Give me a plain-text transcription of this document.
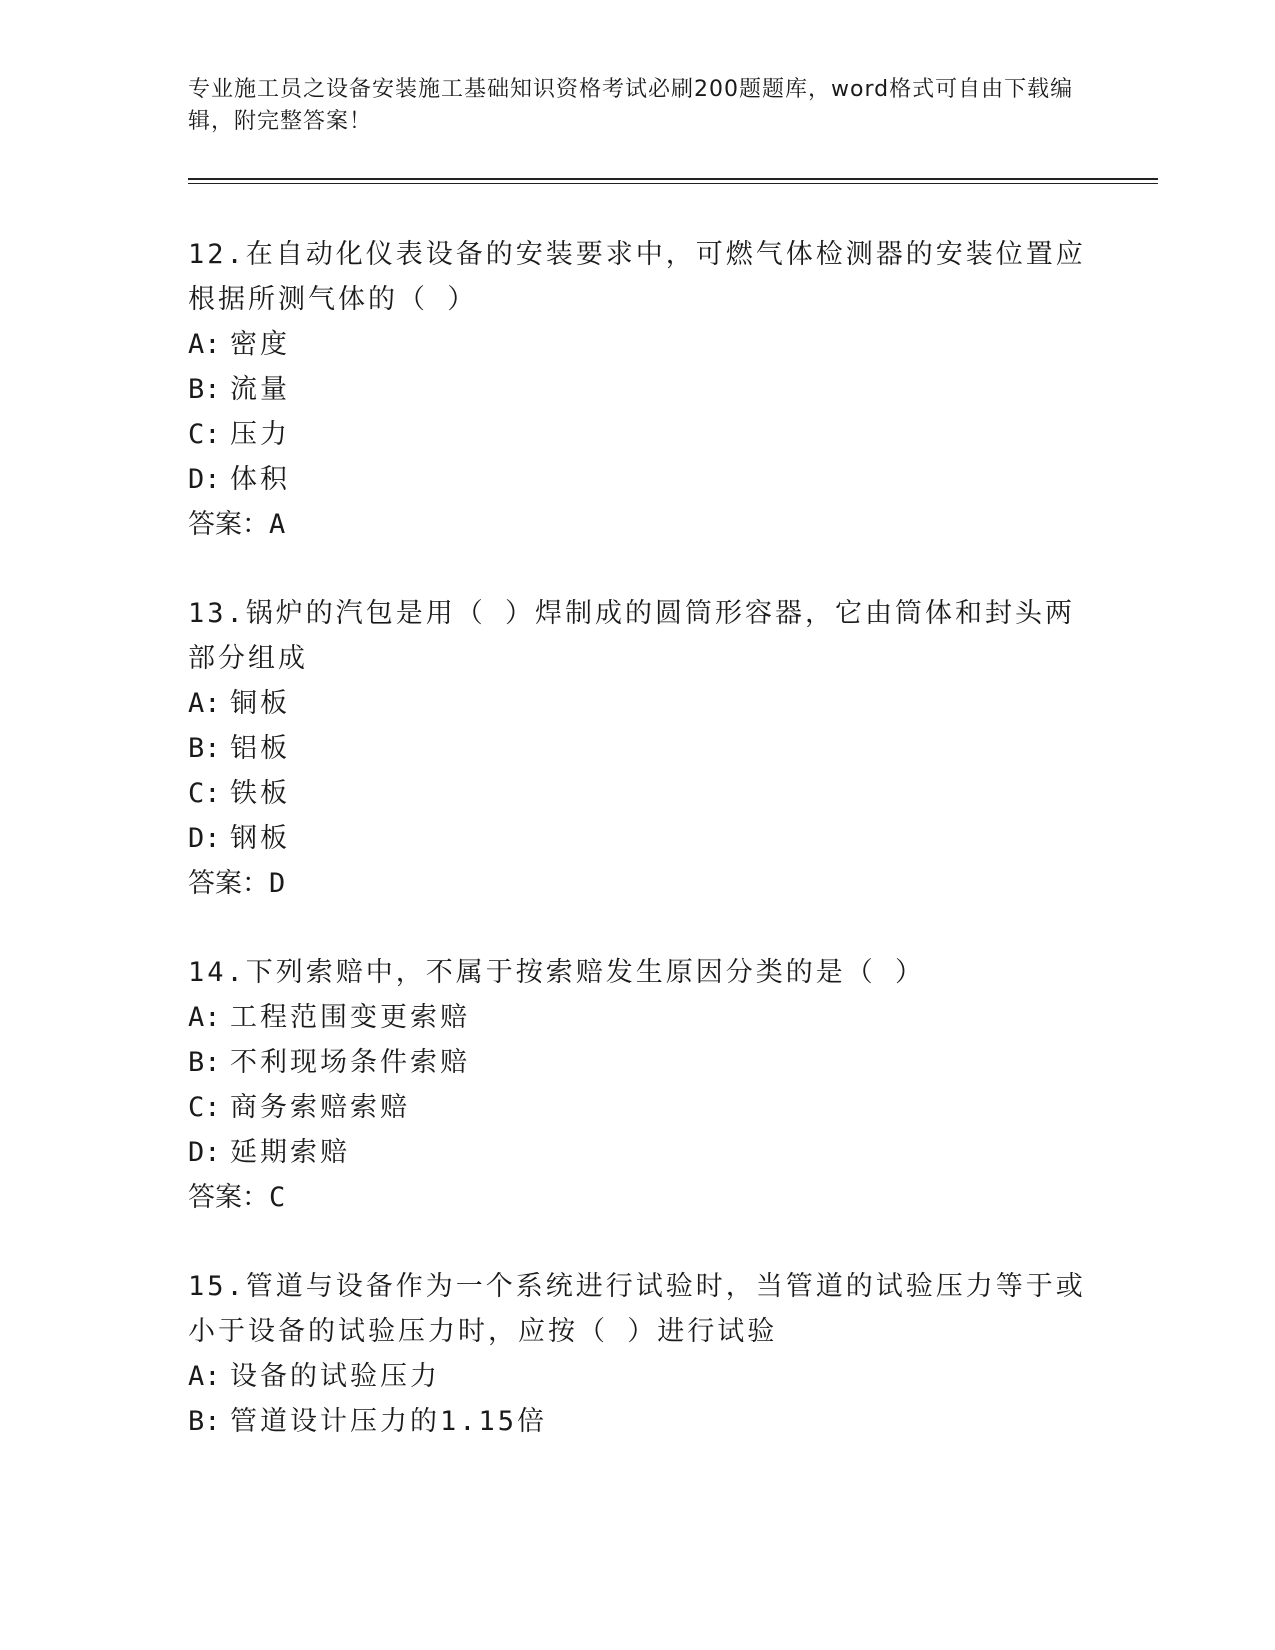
专业施工员之设备安装施工基础知识资格考试必刷200题题库，word格式可自由下载编辑，附完整答案！
12.在自动化仪表设备的安装要求中，可燃气体检测器的安装位置应根据所测气体的（ ）
A: 密度
B: 流量
C: 压力
D: 体积
答案：A
13.锅炉的汽包是用（ ）焊制成的圆筒形容器，它由筒体和封头两部分组成
A: 铜板
B: 铝板
C: 铁板
D: 钢板
答案：D
14.下列索赔中，不属于按索赔发生原因分类的是（ ）
A: 工程范围变更索赔
B: 不利现场条件索赔
C: 商务索赔索赔
D: 延期索赔
答案：C
15.管道与设备作为一个系统进行试验时，当管道的试验压力等于或小于设备的试验压力时，应按（ ）进行试验
A: 设备的试验压力
B: 管道设计压力的1.15倍
